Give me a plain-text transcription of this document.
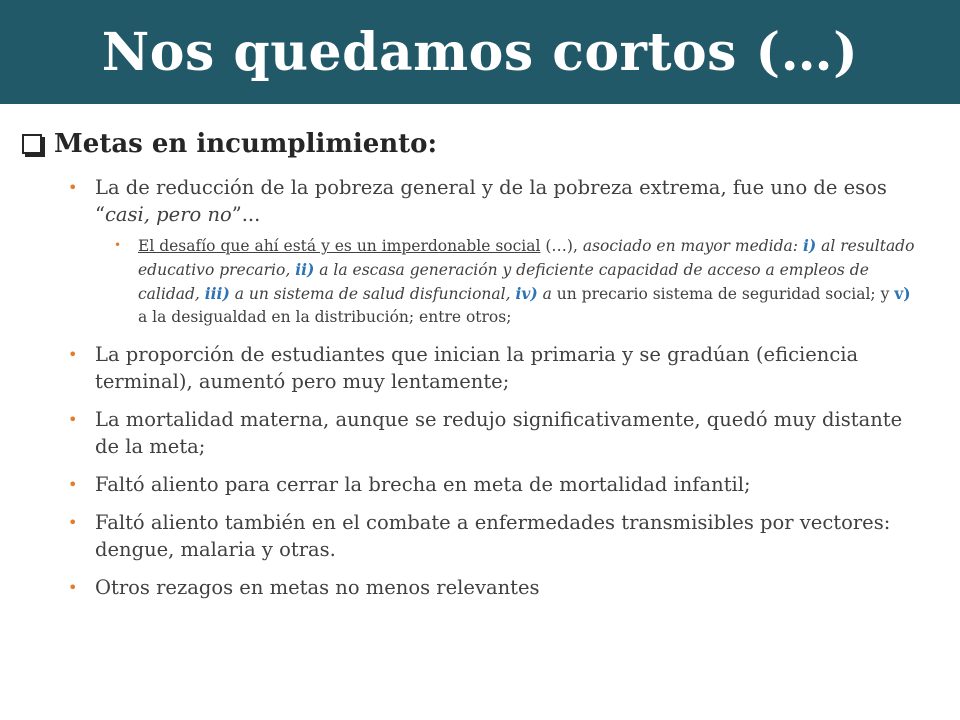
Nos quedamos cortos (…)
Metas en incumplimiento:
• La de reducción de la pobreza general y de la pobreza extrema, fue uno de esos “casi, pero no”...
• El desafío que ahí está y es un imperdonable social (…), asociado en mayor medida: i) al resultado educativo precario, ii) a la escasa generación y deficiente capacidad de acceso a empleos de calidad, iii) a un sistema de salud disfuncional, iv) a un precario sistema de seguridad social; y v) a la desigualdad en la distribución; entre otros;
• La proporción de estudiantes que inician la primaria y se gradúan (eficiencia terminal), aumentó pero muy lentamente;
• La mortalidad materna, aunque se redujo significativamente, quedó muy distante de la meta;
• Faltó aliento para cerrar la brecha en meta de mortalidad infantil;
• Faltó aliento también en el combate a enfermedades transmisibles por vectores: dengue, malaria y otras.
• Otros rezagos en metas no menos relevantes
